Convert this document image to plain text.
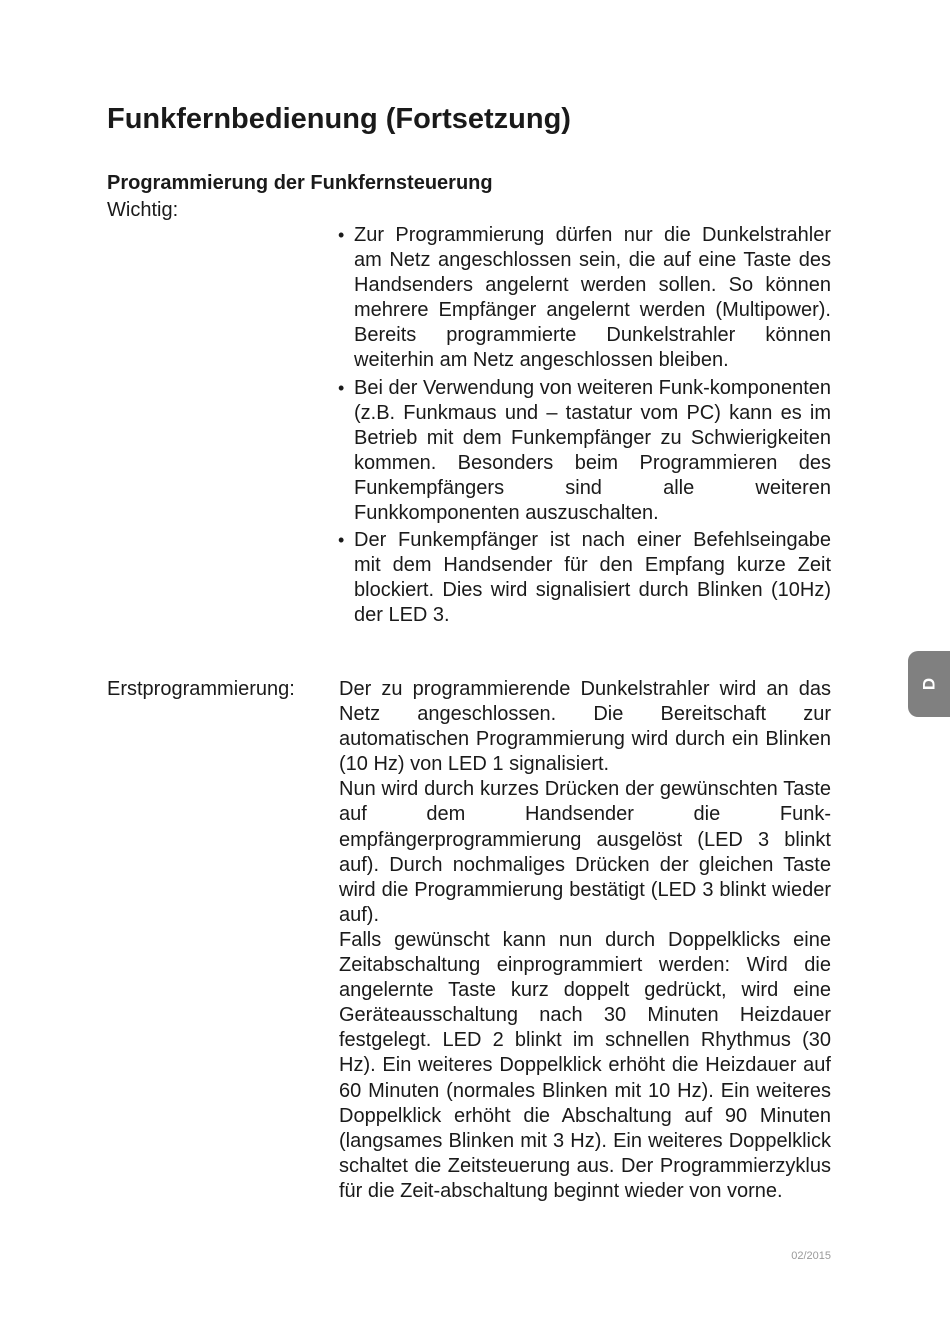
Funkfernbedienung (Fortsetzung)
Programmierung der Funkfernsteuerung
Wichtig:
• Zur Programmierung dürfen nur die Dunkelstrahler am Netz angeschlossen sein, die auf eine Taste des Handsenders angelernt werden sollen. So können mehrere Empfänger angelernt werden (Multipower). Bereits programmierte Dunkelstrahler können weiterhin am Netz angeschlossen bleiben.
• Bei der Verwendung von weiteren Funk-komponenten (z.B. Funkmaus und – tastatur vom PC) kann es im Betrieb mit dem Funkempfänger zu Schwierigkeiten kommen. Besonders beim Programmieren des Funkempfängers sind alle weiteren Funkkomponenten auszuschalten.
• Der Funkempfänger ist nach einer Befehlseingabe mit dem Handsender für den Empfang kurze Zeit blockiert. Dies wird signalisiert durch Blinken (10Hz) der LED 3.
Erstprogrammierung: Der zu programmierende Dunkelstrahler wird an das Netz angeschlossen. Die Bereitschaft zur automatischen Programmierung wird durch ein Blinken (10 Hz) von LED 1 signalisiert.

Nun wird durch kurzes Drücken der gewünschten Taste auf dem Handsender die Funk-empfängerprogrammierung ausgelöst (LED 3 blinkt auf). Durch nochmaliges Drücken der gleichen Taste wird die Programmierung bestätigt (LED 3 blinkt wieder auf).

Falls gewünscht kann nun durch Doppelklicks eine Zeitabschaltung einprogrammiert werden: Wird die angelernte Taste kurz doppelt gedrückt, wird eine Geräteausschaltung nach 30 Minuten Heizdauer festgelegt. LED 2 blinkt im schnellen Rhythmus (30 Hz). Ein weiteres Doppelklick erhöht die Heizdauer auf 60 Minuten (normales Blinken mit 10 Hz). Ein weiteres Doppelklick erhöht die Abschaltung auf 90 Minuten (langsames Blinken mit 3 Hz). Ein weiteres Doppelklick schaltet die Zeitsteuerung aus. Der Programmierzyklus für die Zeit-abschaltung beginnt wieder von vorne.

D
02/2015
